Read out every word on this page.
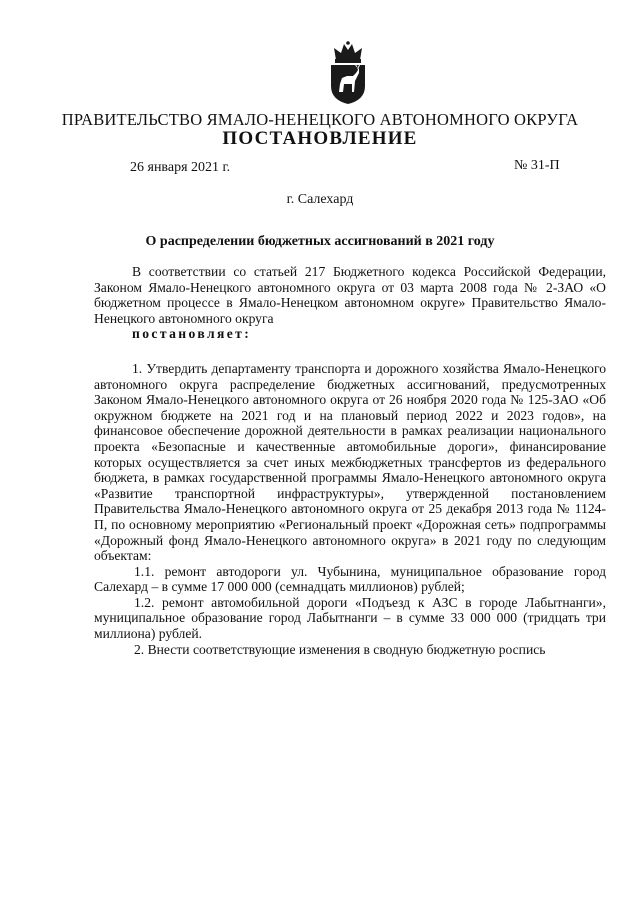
ПРАВИТЕЛЬСТВО ЯМАЛО-НЕНЕЦКОГО АВТОНОМНОГО ОКРУГА
ПОСТАНОВЛЕНИЕ
26 января 2021 г.	№ 31-П
г. Салехард
О распределении бюджетных ассигнований в 2021 году

В соответствии со статьей 217 Бюджетного кодекса Российской Федерации, Законом Ямало-Ненецкого автономного округа от 03 марта 2008 года № 2-ЗАО «О бюджетном процессе в Ямало-Ненецком автономном округе» Правительство Ямало-Ненецкого автономного округа

постановляет:

1. Утвердить департаменту транспорта и дорожного хозяйства Ямало-Ненецкого автономного округа распределение бюджетных ассигнований, предусмотренных Законом Ямало-Ненецкого автономного округа от 26 ноября 2020 года № 125-ЗАО «Об окружном бюджете на 2021 год и на плановый период 2022 и 2023 годов», на финансовое обеспечение дорожной деятельности в рамках реализации национального проекта «Безопасные и качественные автомобильные дороги», финансирование которых осуществляется за счет иных межбюджетных трансфертов из федерального бюджета, в рамках государственной программы Ямало-Ненецкого автономного округа «Развитие транспортной инфраструктуры», утвержденной постановлением Правительства Ямало-Ненецкого автономного округа от 25 декабря 2013 года № 1124-П, по основному мероприятию «Региональный проект «Дорожная сеть» подпрограммы «Дорожный фонд Ямало-Ненецкого автономного округа» в 2021 году по следующим объектам:

1.1. ремонт автодороги ул. Чубынина, муниципальное образование город Салехард – в сумме 17 000 000 (семнадцать миллионов) рублей;

1.2. ремонт автомобильной дороги «Подъезд к АЗС в городе Лабытнанги», муниципальное образование город Лабытнанги – в сумме 33 000 000 (тридцать три миллиона) рублей.

2. Внести соответствующие изменения в сводную бюджетную роспись
